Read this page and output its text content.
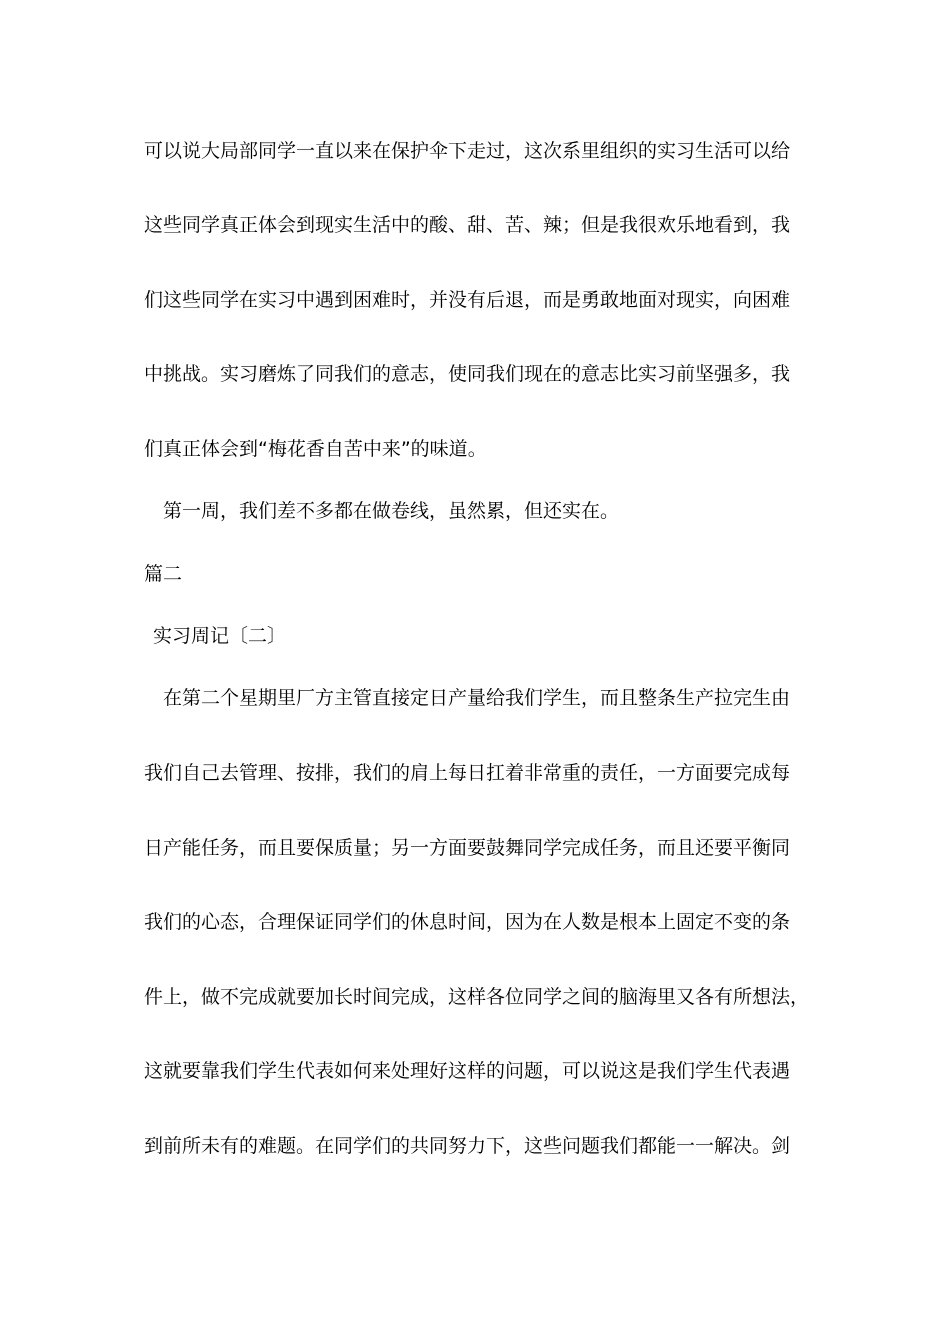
可以说大局部同学一直以来在保护伞下走过，这次系里组织的实习生活可以给
这些同学真正体会到现实生活中的酸、甜、苦、辣；但是我很欢乐地看到，我
们这些同学在实习中遇到困难时，并没有后退，而是勇敢地面对现实，向困难
中挑战。实习磨炼了同我们的意志，使同我们现在的意志比实习前坚强多，我
们真正体会到“梅花香自苦中来”的味道。
第一周，我们差不多都在做卷线，虽然累，但还实在。
篇二
实习周记〔二〕
在第二个星期里厂方主管直接定日产量给我们学生，而且整条生产拉完生由
我们自己去管理、按排，我们的肩上每日扛着非常重的责任，一方面要完成每
日产能任务，而且要保质量；另一方面要鼓舞同学完成任务，而且还要平衡同
我们的心态，合理保证同学们的休息时间，因为在人数是根本上固定不变的条
件上，做不完成就要加长时间完成，这样各位同学之间的脑海里又各有所想法，
这就要靠我们学生代表如何来处理好这样的问题，可以说这是我们学生代表遇
到前所未有的难题。在同学们的共同努力下，这些问题我们都能一一解决。剑
